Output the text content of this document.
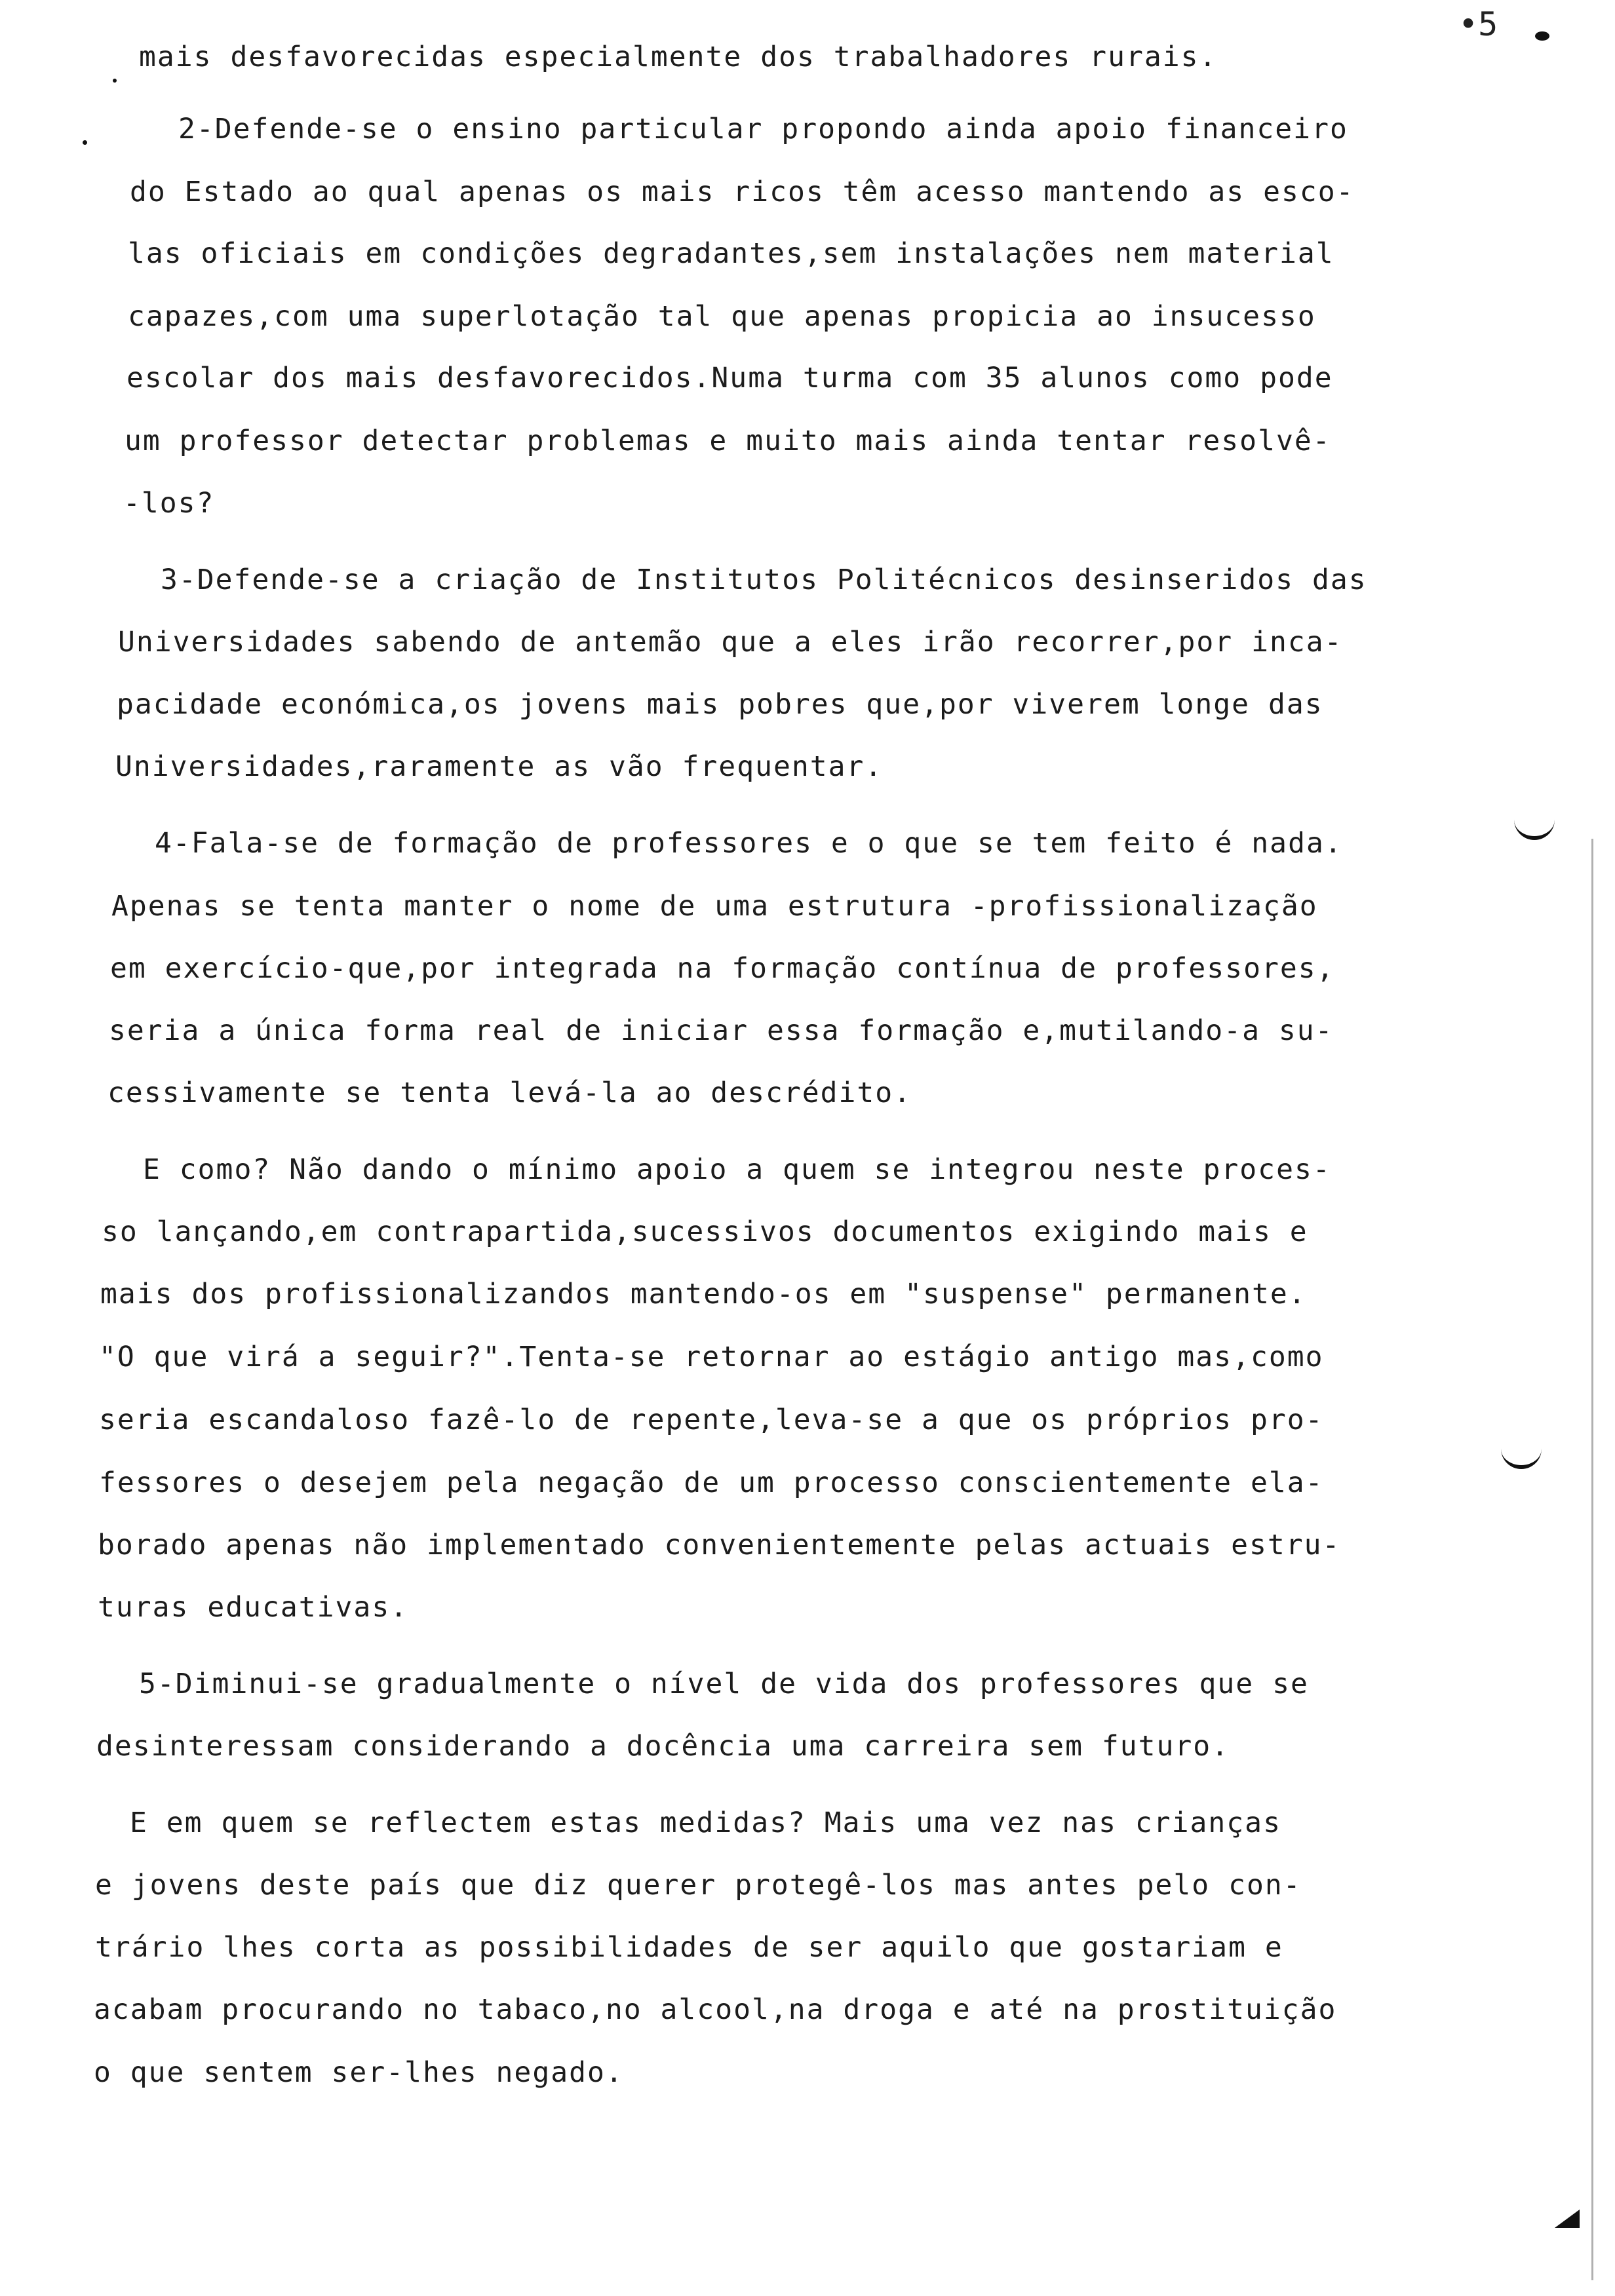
•5
mais desfavorecidas especialmente dos trabalhadores rurais.
2-Defende-se o ensino particular propondo ainda apoio financeiro
do Estado ao qual apenas os mais ricos têm acesso mantendo as esco-
las oficiais em condições degradantes,sem instalações nem material
capazes,com uma superlotação tal que apenas propicia ao insucesso
escolar dos mais desfavorecidos.Numa turma com 35 alunos como pode
um professor detectar problemas e muito mais ainda tentar resolvê-
-los?
3-Defende-se a criação de Institutos Politécnicos desinseridos das
Universidades sabendo de antemão que a eles irão recorrer,por inca-
pacidade económica,os jovens mais pobres que,por viverem longe das
Universidades,raramente as vão frequentar.
4-Fala-se de formação de professores e o que se tem feito é nada.
Apenas se tenta manter o nome de uma estrutura -profissionalização
em exercício-que,por integrada na formação contínua de professores,
seria a única forma real de iniciar essa formação e,mutilando-a su-
cessivamente se tenta levá-la ao descrédito.
E como? Não dando o mínimo apoio a quem se integrou neste proces-
so lançando,em contrapartida,sucessivos documentos exigindo mais e
mais dos profissionalizandos mantendo-os em "suspense" permanente.
"O que virá a seguir?".Tenta-se retornar ao estágio antigo mas,como
seria escandaloso fazê-lo de repente,leva-se a que os próprios pro-
fessores o desejem pela negação de um processo conscientemente ela-
borado apenas não implementado convenientemente pelas actuais estru-
turas educativas.
5-Diminui-se gradualmente o nível de vida dos professores que se
desinteressam considerando a docência uma carreira sem futuro.
E em quem se reflectem estas medidas? Mais uma vez nas crianças
e jovens deste país que diz querer protegê-los mas antes pelo con-
trário lhes corta as possibilidades de ser aquilo que gostariam e
acabam procurando no tabaco,no alcool,na droga e até na prostituição
o que sentem ser-lhes negado.
